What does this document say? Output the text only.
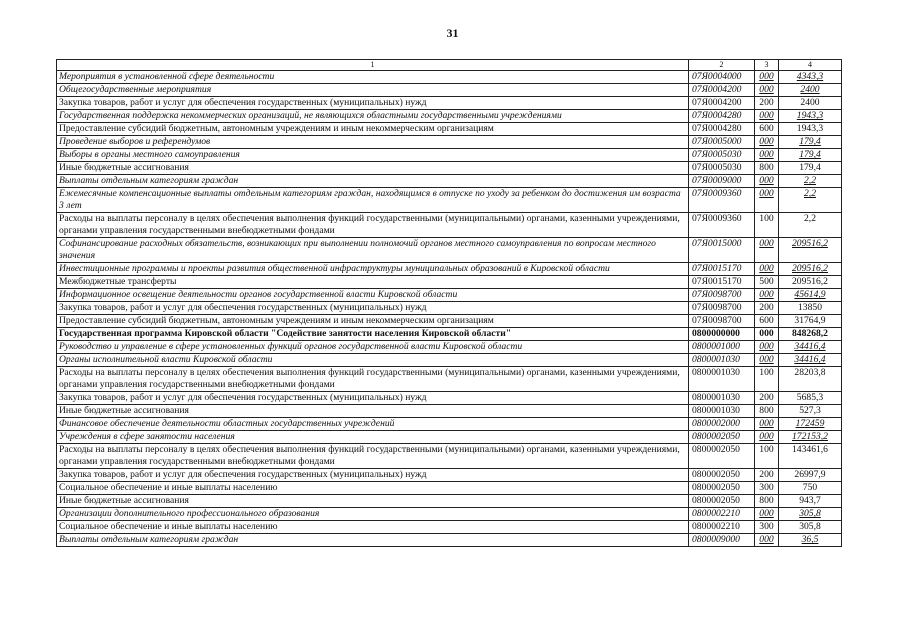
31
1	2	3	4
Мероприятия в установленной сфере деятельности	07Я0004000	000	4343,3
Общегосударственные мероприятия	07Я0004200	000	2400
Закупка товаров, работ и услуг для обеспечения государственных (муниципальных) нужд	07Я0004200	200	2400
Государственная поддержка некоммерческих организаций, не являющихся областными государственными учреждениями	07Я0004280	000	1943,3
Предоставление субсидий бюджетным, автономным учреждениям и иным некоммерческим организациям	07Я0004280	600	1943,3
Проведение выборов и референдумов	07Я0005000	000	179,4
Выборы в органы местного самоуправления	07Я0005030	000	179,4
Иные бюджетные ассигнования	07Я0005030	800	179,4
Выплаты отдельным категориям граждан	07Я0009000	000	2,2
Ежемесячные компенсационные выплаты отдельным категориям граждан, находящимся в отпуске по уходу за ребенком до достижения им возраста 3 лет	07Я0009360	000	2,2
Расходы на выплаты персоналу в целях обеспечения выполнения функций государственными (муниципальными) органами, казенными учреждениями, органами управления государственными внебюджетными фондами	07Я0009360	100	2,2
Софинансирование расходных обязательств, возникающих при выполнении полномочий органов местного самоуправления по вопросам местного значения	07Я0015000	000	209516,2
Инвестиционные программы и проекты развития общественной инфраструктуры муниципальных образований в Кировской области	07Я0015170	000	209516,2
Межбюджетные трансферты	07Я0015170	500	209516,2
Информационное освещение деятельности органов государственной власти Кировской области	07Я0098700	000	45614,9
Закупка товаров, работ и услуг для обеспечения государственных (муниципальных) нужд	07Я0098700	200	13850
Предоставление субсидий бюджетным, автономным учреждениям и иным некоммерческим организациям	07Я0098700	600	31764,9
Государственная программа Кировской области "Содействие занятости населения Кировской области"	0800000000	000	848268,2
Руководство и управление в сфере установленных функций органов государственной власти Кировской области	0800001000	000	34416,4
Органы исполнительной власти Кировской области	0800001030	000	34416,4
Расходы на выплаты персоналу в целях обеспечения выполнения функций государственными (муниципальными) органами, казенными учреждениями, органами управления государственными внебюджетными фондами	0800001030	100	28203,8
Закупка товаров, работ и услуг для обеспечения государственных (муниципальных) нужд	0800001030	200	5685,3
Иные бюджетные ассигнования	0800001030	800	527,3
Финансовое обеспечение деятельности областных государственных учреждений	0800002000	000	172459
Учреждения в сфере занятости населения	0800002050	000	172153,2
Расходы на выплаты персоналу в целях обеспечения выполнения функций государственными (муниципальными) органами, казенными учреждениями, органами управления государственными внебюджетными фондами	0800002050	100	143461,6
Закупка товаров, работ и услуг для обеспечения государственных (муниципальных) нужд	0800002050	200	26997,9
Социальное обеспечение и иные выплаты населению	0800002050	300	750
Иные бюджетные ассигнования	0800002050	800	943,7
Организации дополнительного профессионального образования	0800002210	000	305,8
Социальное обеспечение и иные выплаты населению	0800002210	300	305,8
Выплаты отдельным категориям граждан	0800009000	000	36,5
